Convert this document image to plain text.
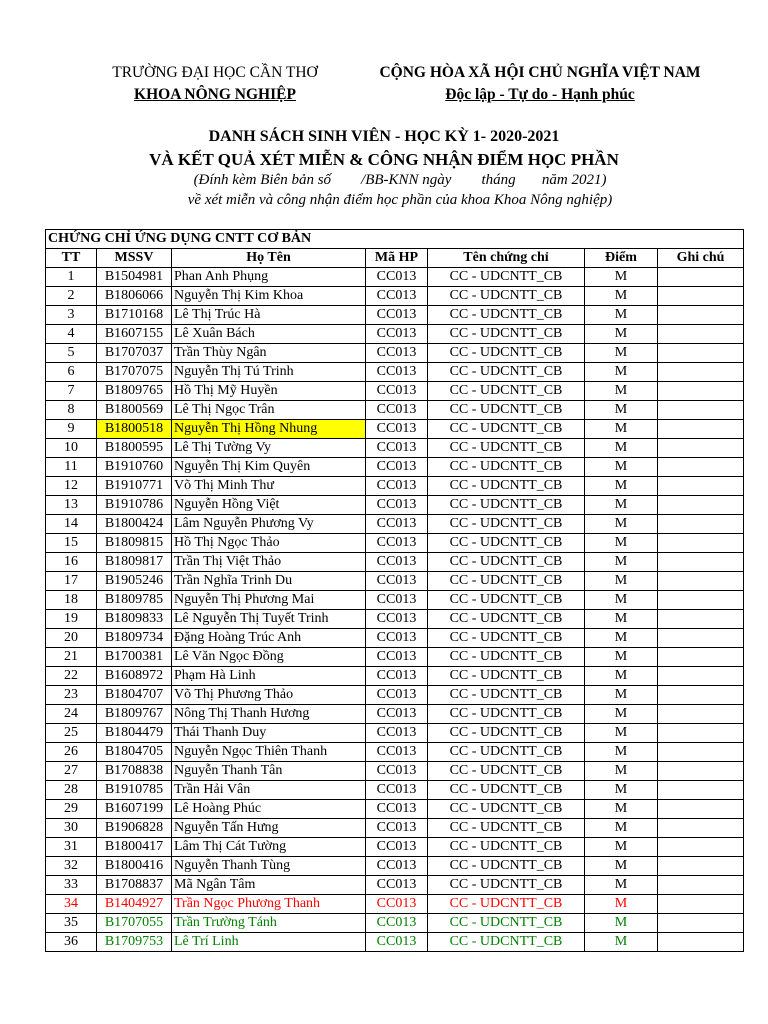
TRƯỜNG ĐẠI HỌC CẦN THƠ
KHOA NÔNG NGHIỆP
CỘNG HÒA XÃ HỘI CHỦ NGHĨA VIỆT NAM
Độc lập - Tự do - Hạnh phúc
DANH SÁCH SINH VIÊN - HỌC KỲ 1- 2020-2021
VÀ KẾT QUẢ XÉT MIỄN & CÔNG NHẬN ĐIỂM HỌC PHẦN
(Đính kèm Biên bản số        /BB-KNN ngày        tháng       năm 2021)
về xét miễn và công nhận điểm học phần của khoa Khoa Nông nghiệp)
CHỨNG CHỈ ỨNG DỤNG CNTT CƠ BẢN						
TT	MSSV	Họ Tên	Mã HP	Tên chứng chỉ	Điểm	Ghi chú
1	B1504981	Phan Anh Phụng	CC013	CC - UDCNTT_CB	M	
2	B1806066	Nguyễn Thị Kim Khoa	CC013	CC - UDCNTT_CB	M	
3	B1710168	Lê Thị Trúc Hà	CC013	CC - UDCNTT_CB	M	
4	B1607155	Lê Xuân Bách	CC013	CC - UDCNTT_CB	M	
5	B1707037	Trần Thùy Ngân	CC013	CC - UDCNTT_CB	M	
6	B1707075	Nguyễn Thị Tú Trinh	CC013	CC - UDCNTT_CB	M	
7	B1809765	Hồ Thị Mỹ Huyền	CC013	CC - UDCNTT_CB	M	
8	B1800569	Lê Thị Ngọc Trân	CC013	CC - UDCNTT_CB	M	
9	B1800518	Nguyễn Thị Hồng Nhung	CC013	CC - UDCNTT_CB	M	
10	B1800595	Lê Thị Tường Vy	CC013	CC - UDCNTT_CB	M	
11	B1910760	Nguyễn Thị Kim Quyên	CC013	CC - UDCNTT_CB	M	
12	B1910771	Võ Thị Minh Thư	CC013	CC - UDCNTT_CB	M	
13	B1910786	Nguyễn Hồng Việt	CC013	CC - UDCNTT_CB	M	
14	B1800424	Lâm Nguyễn Phương Vy	CC013	CC - UDCNTT_CB	M	
15	B1809815	Hồ Thị Ngọc Thảo	CC013	CC - UDCNTT_CB	M	
16	B1809817	Trần Thị Việt Thảo	CC013	CC - UDCNTT_CB	M	
17	B1905246	Trần Nghĩa Trinh Du	CC013	CC - UDCNTT_CB	M	
18	B1809785	Nguyễn Thị Phương Mai	CC013	CC - UDCNTT_CB	M	
19	B1809833	Lê Nguyễn Thị Tuyết Trinh	CC013	CC - UDCNTT_CB	M	
20	B1809734	Đặng Hoàng Trúc Anh	CC013	CC - UDCNTT_CB	M	
21	B1700381	Lê Văn Ngọc Đồng	CC013	CC - UDCNTT_CB	M	
22	B1608972	Phạm Hà Linh	CC013	CC - UDCNTT_CB	M	
23	B1804707	Võ Thị Phương Thảo	CC013	CC - UDCNTT_CB	M	
24	B1809767	Nông Thị Thanh Hương	CC013	CC - UDCNTT_CB	M	
25	B1804479	Thái Thanh Duy	CC013	CC - UDCNTT_CB	M	
26	B1804705	Nguyễn Ngọc Thiên Thanh	CC013	CC - UDCNTT_CB	M	
27	B1708838	Nguyễn Thanh Tân	CC013	CC - UDCNTT_CB	M	
28	B1910785	Trần Hải Vân	CC013	CC - UDCNTT_CB	M	
29	B1607199	Lê Hoàng Phúc	CC013	CC - UDCNTT_CB	M	
30	B1906828	Nguyễn Tấn Hưng	CC013	CC - UDCNTT_CB	M	
31	B1800417	Lâm Thị Cát Tường	CC013	CC - UDCNTT_CB	M	
32	B1800416	Nguyễn Thanh Tùng	CC013	CC - UDCNTT_CB	M	
33	B1708837	Mã Ngân Tâm	CC013	CC - UDCNTT_CB	M	
34	B1404927	Trần Ngọc Phương Thanh	CC013	CC - UDCNTT_CB	M	
35	B1707055	Trần Trường Tánh	CC013	CC - UDCNTT_CB	M	
36	B1709753	Lê Trí Linh	CC013	CC - UDCNTT_CB	M	
